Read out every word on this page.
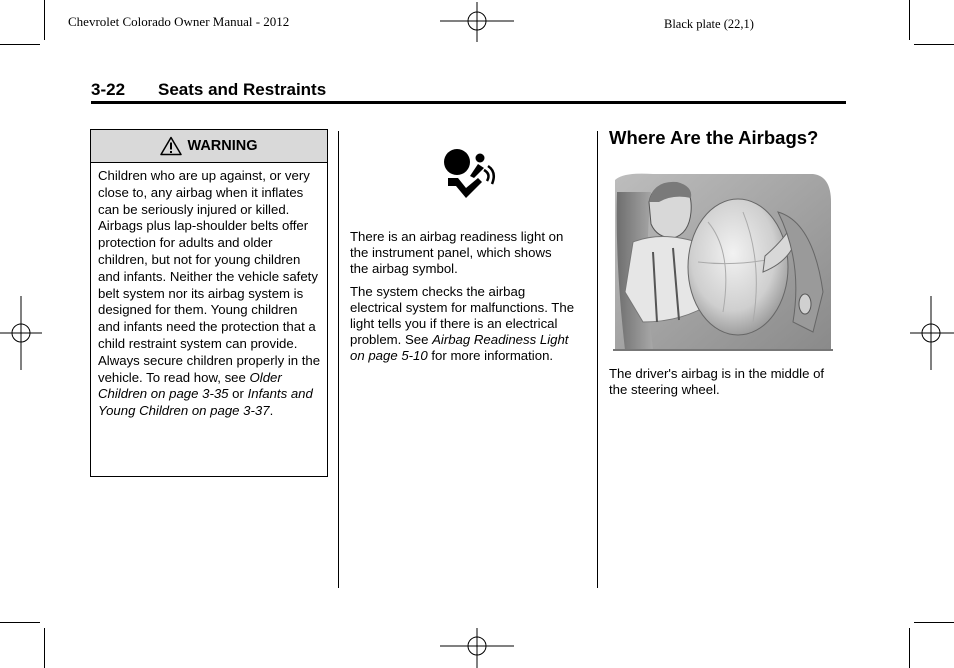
Chevrolet Colorado Owner Manual - 2012	Black plate (22,1)
3-22 Seats and Restraints
WARNING
Children who are up against, or very close to, any airbag when it inflates can be seriously injured or killed. Airbags plus lap-shoulder belts offer protection for adults and older children, but not for young children and infants. Neither the vehicle safety belt system nor its airbag system is designed for them. Young children and infants need the protection that a child restraint system can provide. Always secure children properly in the vehicle. To read how, see Older Children on page 3-35 or Infants and Young Children on page 3-37.
There is an airbag readiness light on the instrument panel, which shows the airbag symbol.
The system checks the airbag electrical system for malfunctions. The light tells you if there is an electrical problem. See Airbag Readiness Light on page 5-10 for more information.
Where Are the Airbags?
The driver's airbag is in the middle of the steering wheel.
